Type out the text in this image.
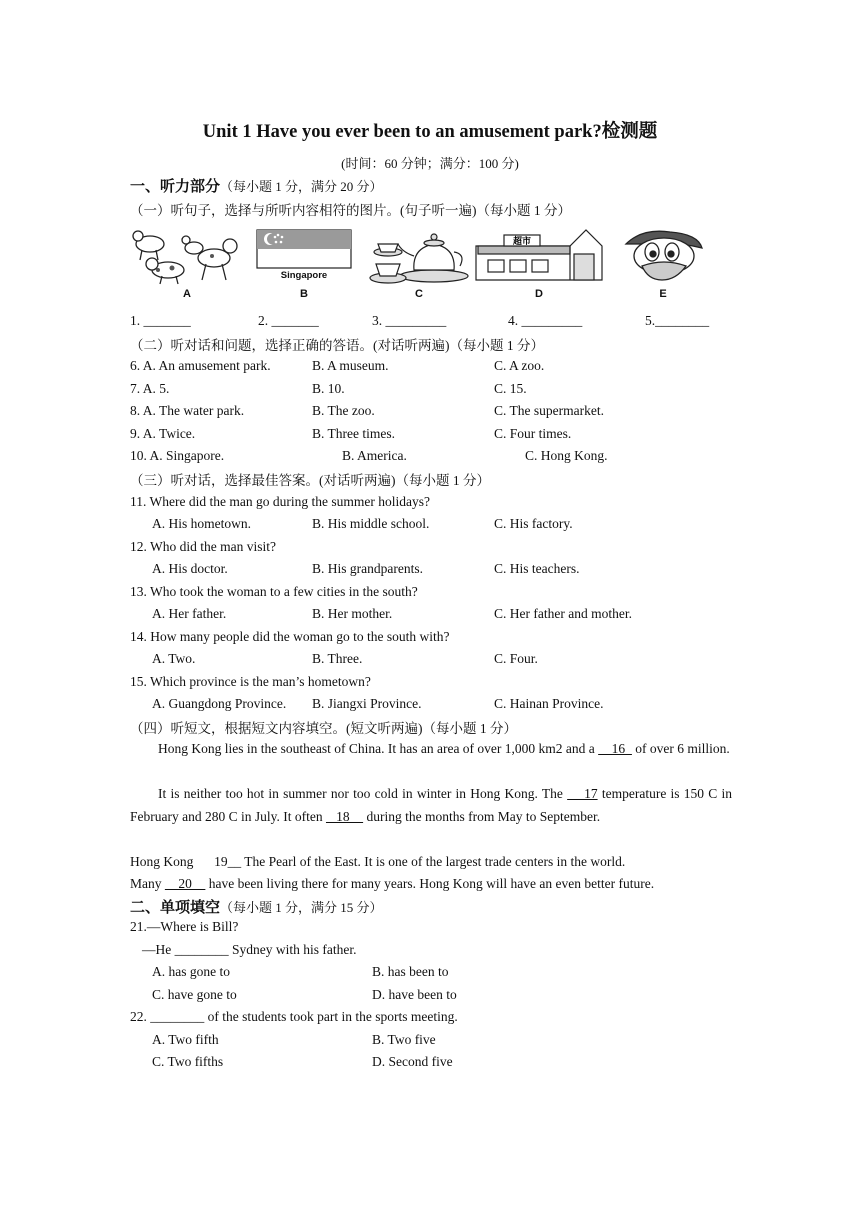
Unit 1 Have you ever been to an amusement park?检测题
(时间：60 分钟；满分：100 分)
一、听力部分（每小题 1 分，满分 20 分）
（一）听句子，选择与所听内容相符的图片。(句子听一遍)（每小题 1 分）
A
Singapore
B	C
超市
D	E
1. _______	2. _______	3. _________	4. _________	5.________
（二）听对话和问题，选择正确的答语。(对话听两遍)（每小题 1 分）
6. A. An amusement park.	B. A museum.	C. A zoo.
7. A. 5.	B. 10.	C. 15.
8. A. The water park.	B. The zoo.	C. The supermarket.
9. A. Twice.	B. Three times.	C. Four times.
10. A. Singapore.	B. America.	C. Hong Kong.
（三）听对话，选择最佳答案。(对话听两遍)（每小题 1 分）
11. Where did the man go during the summer holidays?
A. His hometown.	B. His middle school.	C. His factory.
12. Who did the man visit?
A. His doctor.	B. His grandparents.	C. His teachers.
13. Who took the woman to a few cities in the south?
A. Her father.	B. Her mother.	C. Her father and mother.
14. How many people did the woman go to the south with?
A. Two.	B. Three.	C. Four.
15. Which province is the man’s hometown?
A. Guangdong Province. B. Jiangxi Province.	C. Hainan Province.
（四）听短文，根据短文内容填空。(短文听两遍)（每小题 1 分）
Hong Kong lies in the southeast of China. It has an area of over 1,000 km2 and a     16   of over 6 million.
It is neither too hot in summer nor too cold in winter in Hong Kong. The     17 temperature is 150 C in February and 280 C in July. It often    18     during the months from May to September.
Hong Kong 19__ The Pearl of the East. It is one of the largest trade centers in the world.
Many     20     have been living there for many years. Hong Kong will have an even better future.
二、单项填空（每小题 1 分，满分 15 分）
21.—Where is Bill?
—He ________ Sydney with his father.
A. has gone to	B. has been to
C. have gone to	D. have been to
22. ________ of the students took part in the sports meeting.
A. Two fifth	B. Two five
C. Two fifths	D. Second five
